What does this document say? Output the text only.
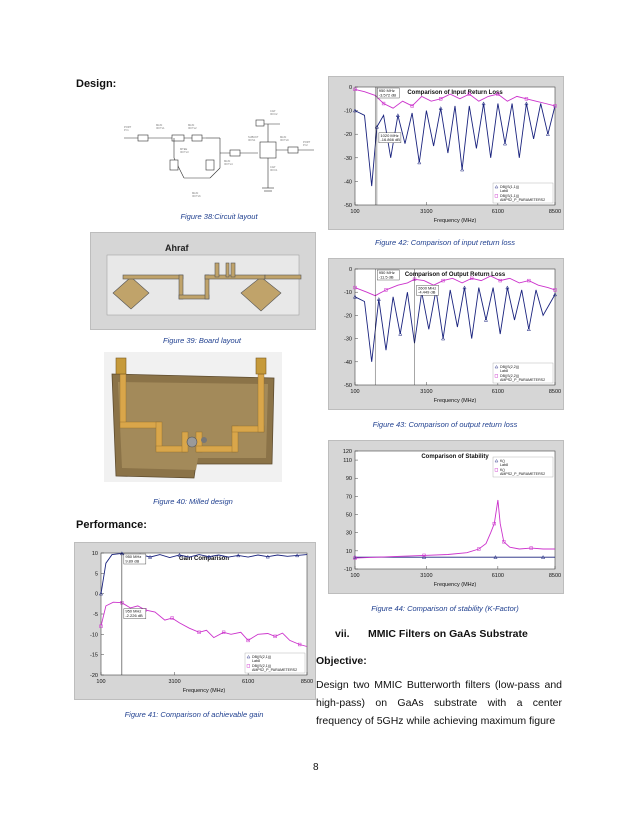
Design:
PORT
P=1
MLIN
ID=TL1
MLIN
ID=TL2
MTEE
ID=TL3
MLIN
ID=TL4
SUBCKT
ID=S1
MLIN
ID=TL9
PORT
P=2
CAP
ID=C1
CAP
ID=C2
MLIN
ID=TL6
Figure 38:Circuit layout
Ahraf
Figure 39: Board layout
Figure 40: Milled design
Performance:
Gain Comparison
10
5
0
-5
-10
-15
-20
100	3100	6100	8500
Frequency (MHz)
950 MHz
9.89 dB
950 MHz
-2.226 dB
DB(|S(2,1)|)
Lab8
DB(|S(2,1)|)
AMPS2_P_PARAMETERS2
Figure 41: Comparison of achievable gain
Comparison of Input Return Loss
0
-10
-20
-30
-40
-50
100	3100	6100	8500
Frequency (MHz)
950 MHz
-3.572 dB
1020 MHz
-16.866 dB
DB(|S(1,1)|)
Lab8
DB(|S(1,1)|)
AMPS2_P_PARAMETERS2
Figure 42: Comparison of input return loss
Comparison of Output Return Loss
0
-10
-20
-30
-40
-50
100	3100	6100	8500
Frequency (MHz)
950 MHz
-11.5 dB
2600 MHz
-4.449 dB
DB(|S(2,2)|)
Lab8
DB(|S(2,2)|)
AMPS2_P_PARAMETERS2
Figure 43: Comparison of output return loss
Comparison of Stability
120
110
90
70
50
30
10
-10
100	3100	6100	8500
Frequency (MHz)
K()
Lab8
K()
AMPS2_P_PARAMETERS2
Figure 44: Comparison of stability (K-Factor)
vii. MMIC Filters on GaAs Substrate
Objective:
Design two MMIC Butterworth filters (low-pass and high-pass) on GaAs substrate with a center frequency of 5GHz while achieving maximum figure
8
